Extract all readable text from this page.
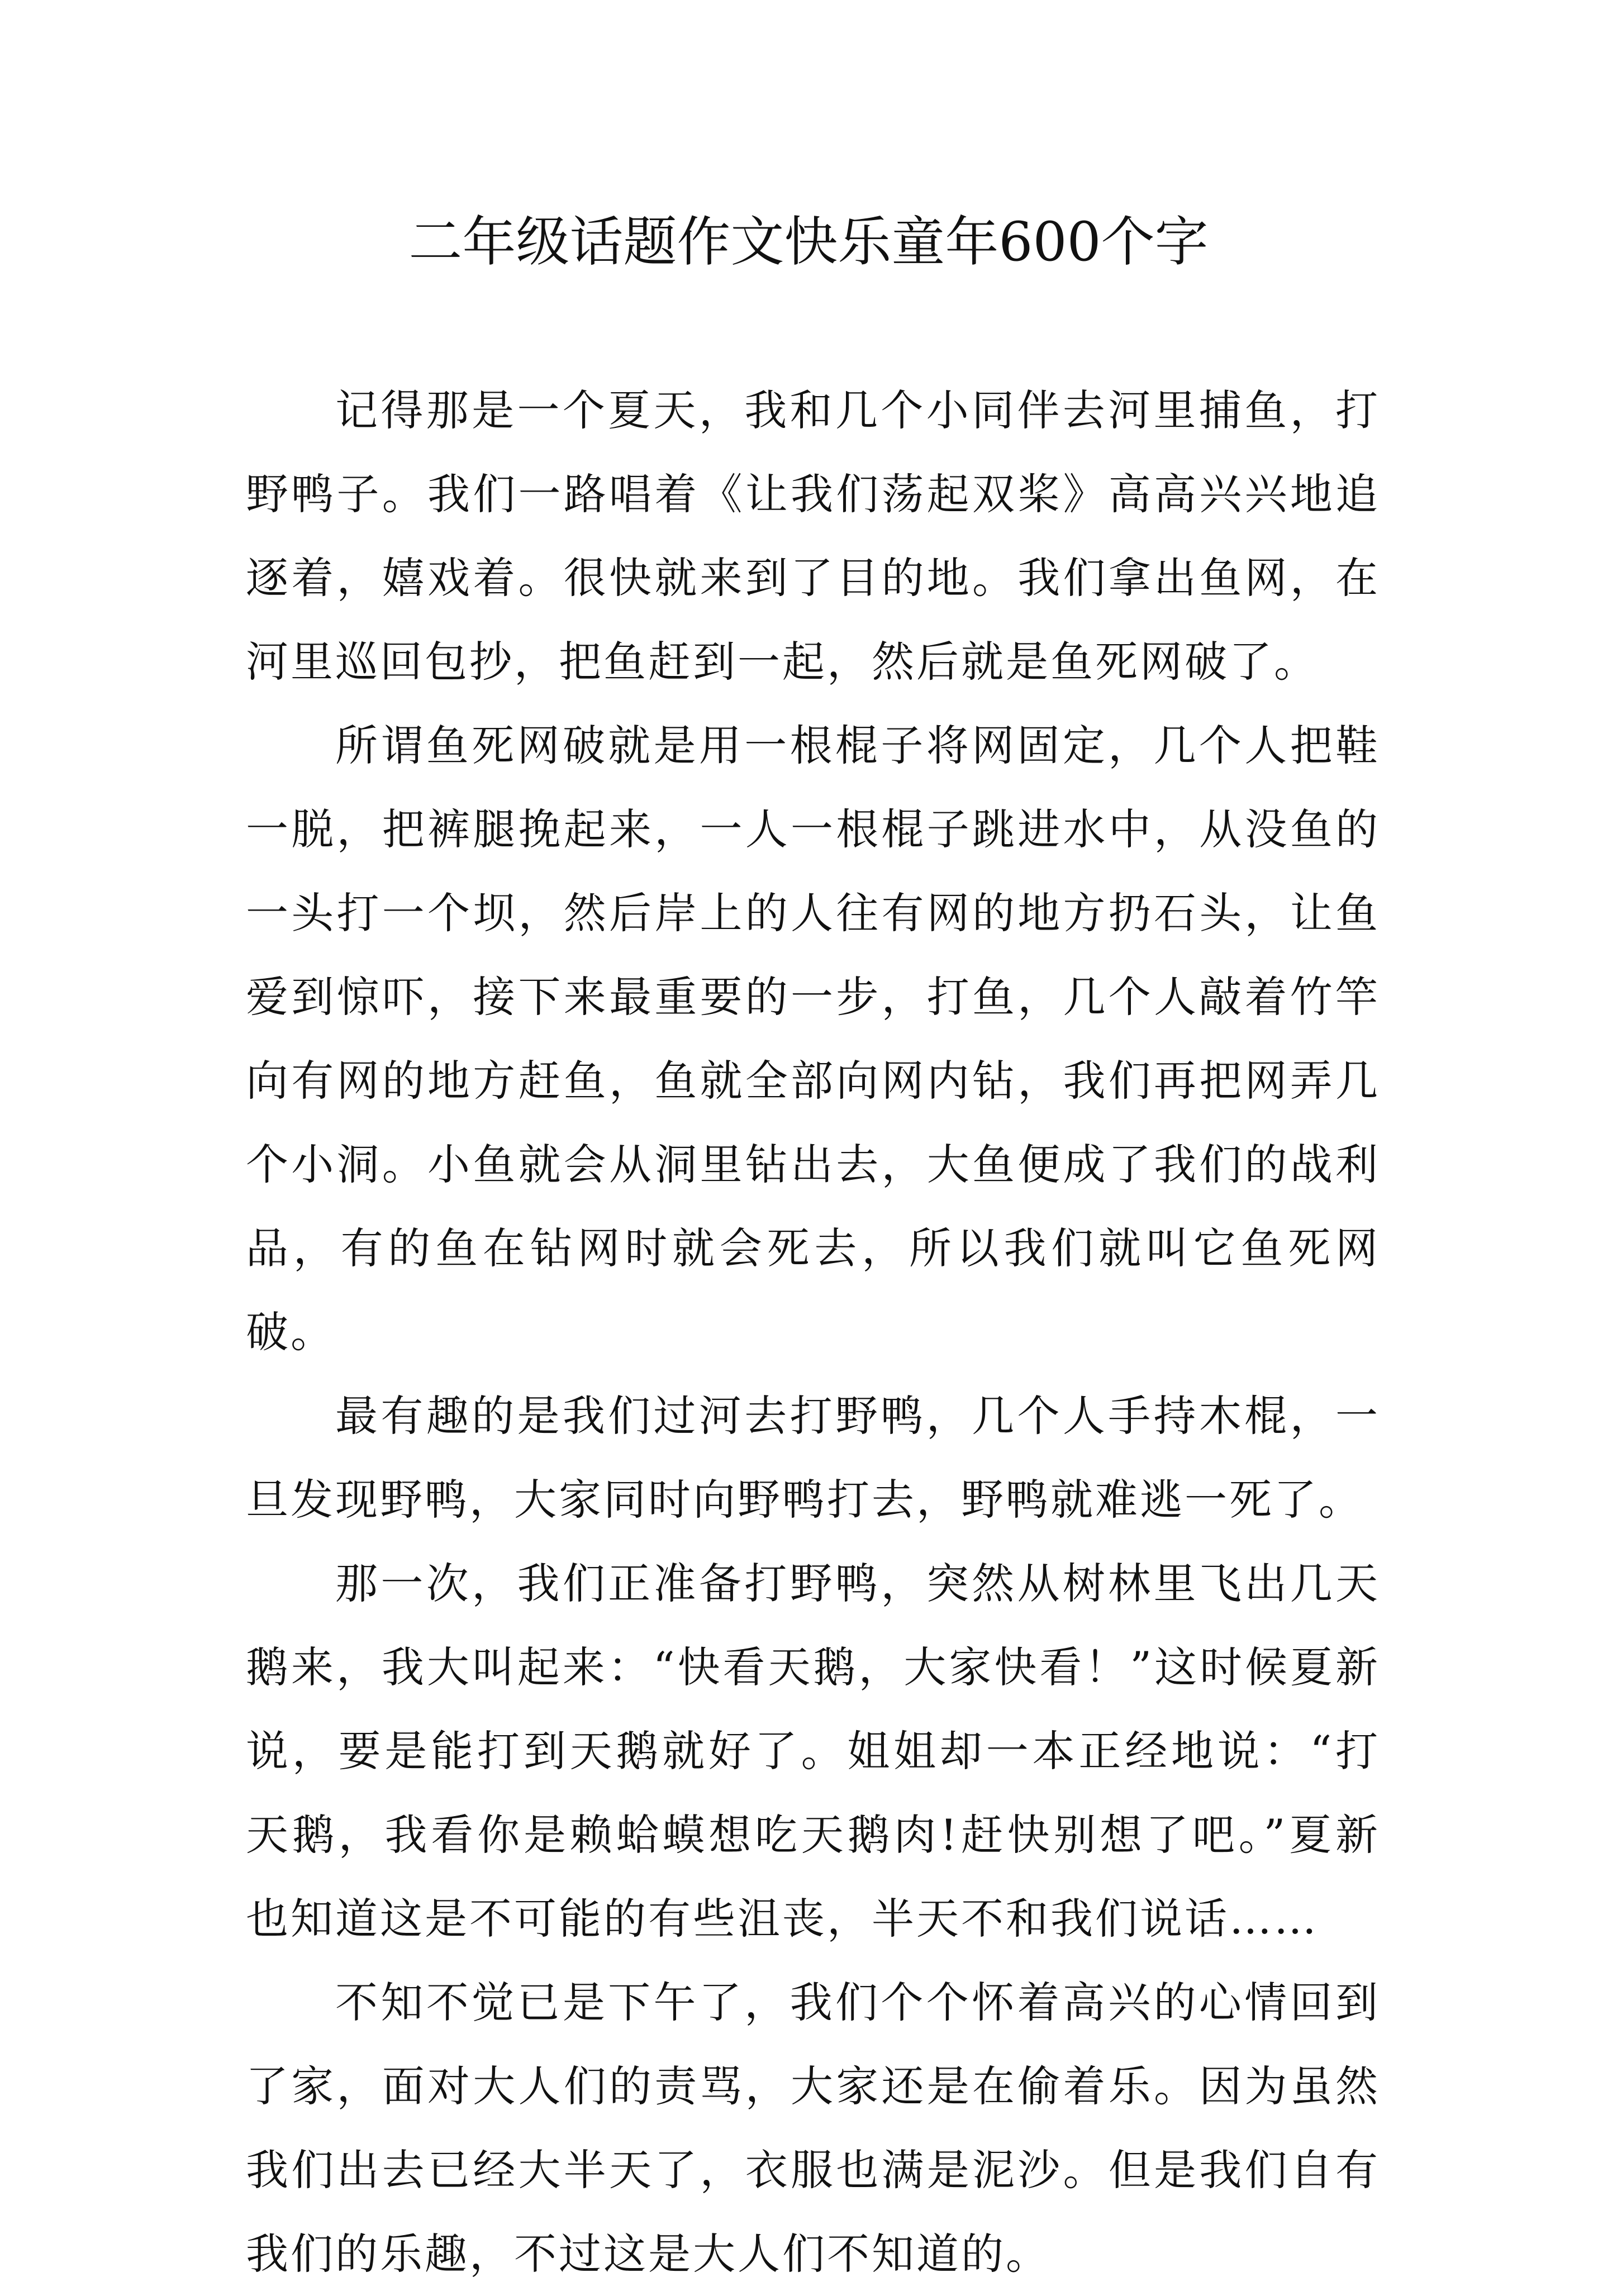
二年级话题作文快乐童年600个字

记得那是一个夏天，我和几个小同伴去河里捕鱼，打野鸭子。我们一路唱着《让我们荡起双桨》高高兴兴地追逐着，嬉戏着。很快就来到了目的地。我们拿出鱼网，在河里巡回包抄，把鱼赶到一起，然后就是鱼死网破了。

所谓鱼死网破就是用一根棍子将网固定，几个人把鞋一脱，把裤腿挽起来，一人一根棍子跳进水中，从没鱼的一头打一个坝，然后岸上的人往有网的地方扔石头，让鱼爱到惊吓，接下来最重要的一步，打鱼，几个人敲着竹竿向有网的地方赶鱼，鱼就全部向网内钻，我们再把网弄几个小洞。小鱼就会从洞里钻出去，大鱼便成了我们的战利品，有的鱼在钻网时就会死去，所以我们就叫它鱼死网破。

最有趣的是我们过河去打野鸭，几个人手持木棍，一旦发现野鸭，大家同时向野鸭打去，野鸭就难逃一死了。

那一次，我们正准备打野鸭，突然从树林里飞出几天鹅来，我大叫起来：“快看天鹅，大家快看！”这时候夏新说，要是能打到天鹅就好了。姐姐却一本正经地说：“打天鹅，我看你是赖蛤蟆想吃天鹅肉!赶快别想了吧。”夏新也知道这是不可能的有些沮丧，半天不和我们说话……

不知不觉已是下午了，我们个个怀着高兴的心情回到了家，面对大人们的责骂，大家还是在偷着乐。因为虽然我们出去已经大半天了，衣服也满是泥沙。但是我们自有我们的乐趣，不过这是大人们不知道的。
